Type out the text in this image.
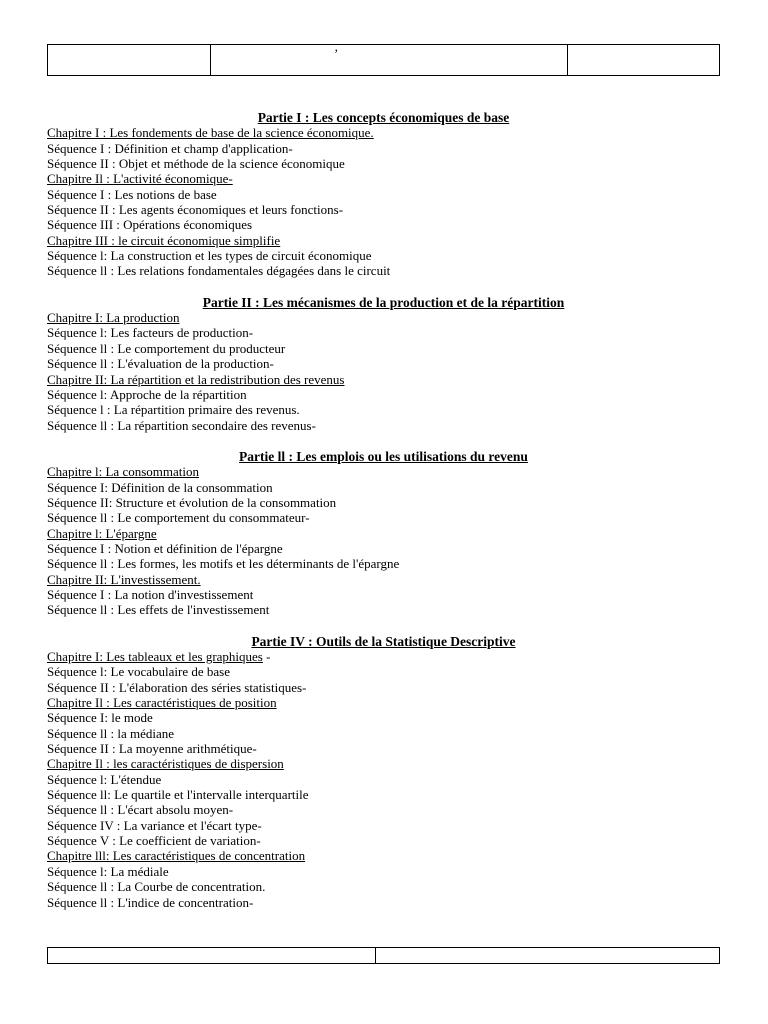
’
Partie I : Les concepts économiques de base
Chapitre I : Les fondements de base de la science économique.
Séquence I : Définition et champ d'application-
Séquence II : Objet et méthode de la science économique
Chapitre Il : L'activité économique-
Séquence I : Les notions de base
Séquence II : Les agents économiques et leurs fonctions-
Séquence III : Opérations économiques
Chapitre III : le circuit économique simplifie
Séquence l: La construction et les types de circuit économique
Séquence ll : Les relations fondamentales dégagées dans le circuit
Partie II : Les mécanismes de la production et de la répartition
Chapitre I: La production
Séquence l: Les facteurs de production-
Séquence ll : Le comportement du producteur
Séquence ll : L'évaluation de la production-
Chapitre II: La répartition et la redistribution des revenus
Séquence l: Approche de la répartition
Séquence l : La répartition primaire des revenus.
Séquence ll : La répartition secondaire des revenus-
Partie ll : Les emplois ou les utilisations du revenu
Chapitre l: La consommation
Séquence I: Définition de la consommation
Séquence II: Structure et évolution de la consommation
Séquence ll : Le comportement du consommateur-
Chapitre l: L'épargne
Séquence I : Notion et définition de l'épargne
Séquence ll : Les formes, les motifs et les déterminants de l'épargne
Chapitre II: L'investissement.
Séquence I : La notion d'investissement
Séquence ll : Les effets de l'investissement
Partie IV : Outils de la Statistique Descriptive
Chapitre I: Les tableaux et les graphiques -
Séquence l: Le vocabulaire de base
Séquence II : L'élaboration des séries statistiques-
Chapitre Il : Les caractéristiques de position
Séquence I: le mode
Séquence ll : la médiane
Séquence II : La moyenne arithmétique-
Chapitre Il : les caractéristiques de dispersion
Séquence l: L'étendue
Séquence ll: Le quartile et l'intervalle interquartile
Séquence ll : L'écart absolu moyen-
Séquence IV : La variance et l'écart type-
Séquence V : Le coefficient de variation-
Chapitre lll: Les caractéristiques de concentration
Séquence l: La médiale
Séquence ll : La Courbe de concentration.
Séquence ll : L'indice de concentration-
